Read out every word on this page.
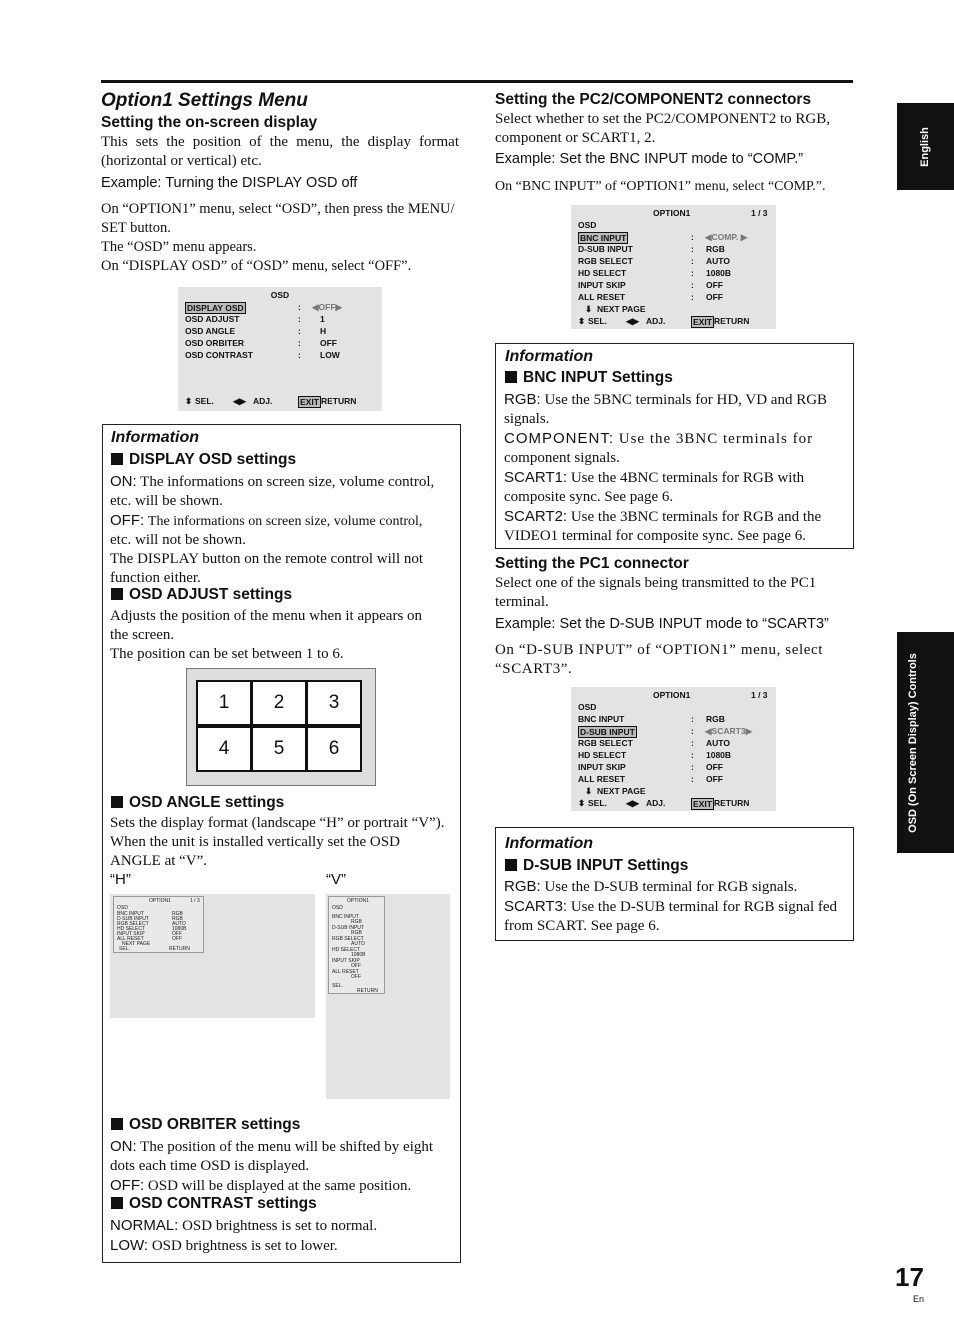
Option1 Settings Menu
Setting the on-screen display
This sets the position of the menu, the display format (horizontal or vertical) etc.
Example: Turning the DISPLAY OSD off
On “OPTION1” menu, select “OSD”, then press the MENU/
SET button.
The “OSD” menu appears.
On “DISPLAY OSD” of “OSD” menu, select “OFF”.
OSD
DISPLAY OSD	: ◀OFF▶
OSD ADJUST	: 1
OSD ANGLE	: H
OSD ORBITER	: OFF
OSD CONTRAST	: LOW
⬍ SEL. ◀▶ ADJ.	EXIT RETURN
Information
DISPLAY OSD settings
ON: The informations on screen size, volume control,
etc. will be shown.
OFF: The informations on screen size, volume control,
etc. will not be shown.
The DISPLAY button on the remote control will not
function either.
OSD ADJUST settings
Adjusts the position of the menu when it appears on
the screen.
The position can be set between 1 to 6.
1	2	3
4	5	6
OSD ANGLE settings
Sets the display format (landscape “H” or portrait “V”).
When the unit is installed vertically set the OSD
ANGLE at “V”.
“H”	“V”
OPTION1	1 / 3
OSD
BNC INPUT	RGB
D-SUB INPUT	RGB
RGB SELECT	AUTO
HD SELECT	1080B
INPUT SKIP	OFF
ALL RESET	OFF
NEXT PAGE
SEL.	RETURN
OPTION1
OSD
BNC INPUT
RGB
D-SUB INPUT
RGB
RGB SELECT
AUTO
HD SELECT
1080B
INPUT SKIP
OFF
ALL RESET
OFF
SEL.
RETURN
OSD ORBITER settings
ON: The position of the menu will be shifted by eight
dots each time OSD is displayed.
OFF: OSD will be displayed at the same position.
OSD CONTRAST settings
NORMAL: OSD brightness is set to normal.
LOW: OSD brightness is set to lower.
Setting the PC2/COMPONENT2 connectors
Select whether to set the PC2/COMPONENT2 to RGB,
component or SCART1, 2.
Example: Set the BNC INPUT mode to “COMP.”
On “BNC INPUT” of “OPTION1” menu, select “COMP.”.
OPTION1	1 / 3
OSD
BNC INPUT	: ◀COMP. ▶
D-SUB INPUT	: RGB
RGB SELECT	: AUTO
HD SELECT	: 1080B
INPUT SKIP	: OFF
ALL RESET	: OFF
⬇ NEXT PAGE
⬍ SEL. ◀▶ ADJ.	EXIT RETURN
Information
BNC INPUT Settings
RGB: Use the 5BNC terminals for HD, VD and RGB
signals.
COMPONENT: Use the 3BNC terminals for
component signals.
SCART1: Use the 4BNC terminals for RGB with
composite sync. See page 6.
SCART2: Use the 3BNC terminals for RGB and the
VIDEO1 terminal for composite sync. See page 6.
Setting the PC1 connector
Select one of the signals being transmitted to the PC1
terminal.
Example: Set the D-SUB INPUT mode to “SCART3”
On “D-SUB INPUT” of “OPTION1” menu, select
“SCART3”.
OPTION1	1 / 3
OSD
BNC INPUT	: RGB
D-SUB INPUT	: ◀SCART3▶
RGB SELECT	: AUTO
HD SELECT	: 1080B
INPUT SKIP	: OFF
ALL RESET	: OFF
⬇ NEXT PAGE
⬍ SEL. ◀▶ ADJ.	EXIT RETURN
Information
D-SUB INPUT Settings
RGB: Use the D-SUB terminal for RGB signals.
SCART3: Use the D-SUB terminal for RGB signal fed
from SCART. See page 6.
English
OSD (On Screen Display) Controls
17
En
